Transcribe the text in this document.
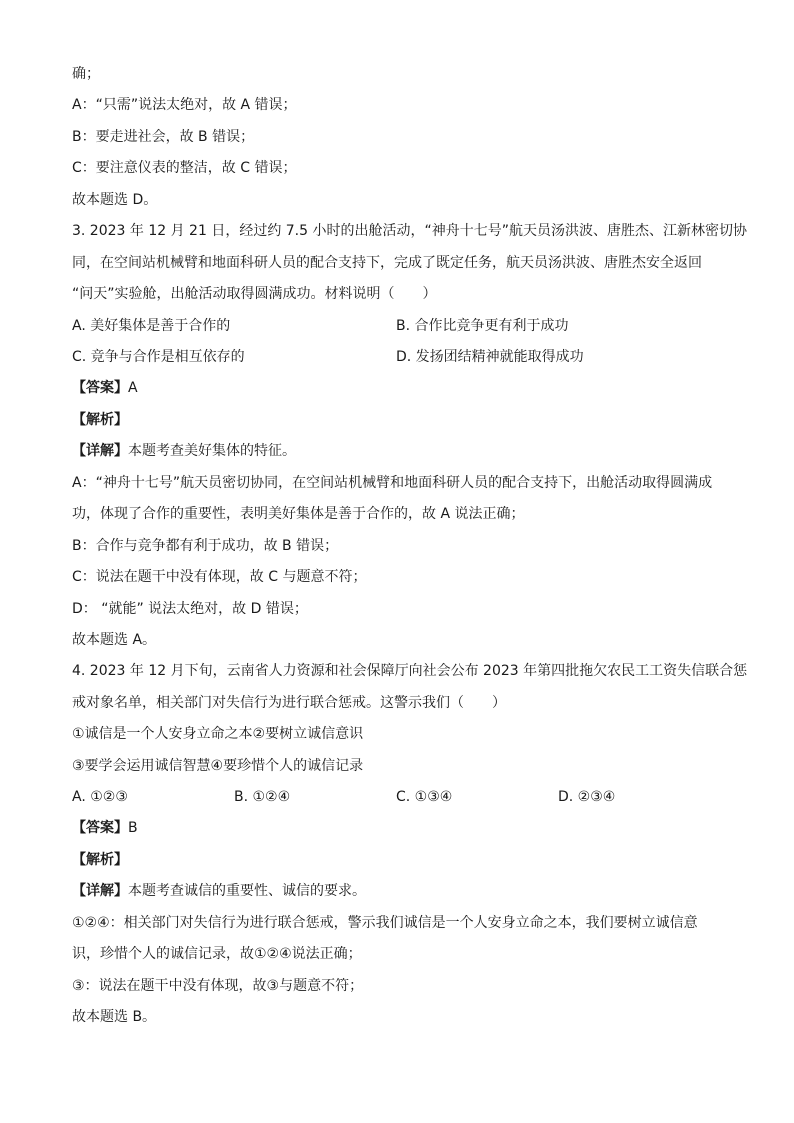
确；
A：“只需”说法太绝对，故 A 错误；
B：要走进社会，故 B 错误；
C：要注意仪表的整洁，故 C 错误；
故本题选 D。
3. 2023 年 12 月 21 日，经过约 7.5 小时的出舱活动，“神舟十七号”航天员汤洪波、唐胜杰、江新林密切协
同，在空间站机械臂和地面科研人员的配合支持下，完成了既定任务，航天员汤洪波、唐胜杰安全返回
“问天”实验舱，出舱活动取得圆满成功。材料说明（　　）
A. 美好集体是善于合作的	B. 合作比竞争更有利于成功
C. 竞争与合作是相互依存的	D. 发扬团结精神就能取得成功
【答案】A
【解析】
【详解】本题考查美好集体的特征。
A：“神舟十七号”航天员密切协同，在空间站机械臂和地面科研人员的配合支持下，出舱活动取得圆满成
功，体现了合作的重要性，表明美好集体是善于合作的，故 A 说法正确；
B：合作与竞争都有利于成功，故 B 错误；
C：说法在题干中没有体现，故 C 与题意不符；
D： “就能” 说法太绝对，故 D 错误；
故本题选 A。
4. 2023 年 12 月下旬，云南省人力资源和社会保障厅向社会公布 2023 年第四批拖欠农民工工资失信联合惩
戒对象名单，相关部门对失信行为进行联合惩戒。这警示我们（　　）
①诚信是一个人安身立命之本②要树立诚信意识
③要学会运用诚信智慧④要珍惜个人的诚信记录
A. ①②③	B. ①②④	C. ①③④	D. ②③④
【答案】B
【解析】
【详解】本题考查诚信的重要性、诚信的要求。
①②④：相关部门对失信行为进行联合惩戒，警示我们诚信是一个人安身立命之本，我们要树立诚信意
识，珍惜个人的诚信记录，故①②④说法正确；
③：说法在题干中没有体现，故③与题意不符；
故本题选 B。
